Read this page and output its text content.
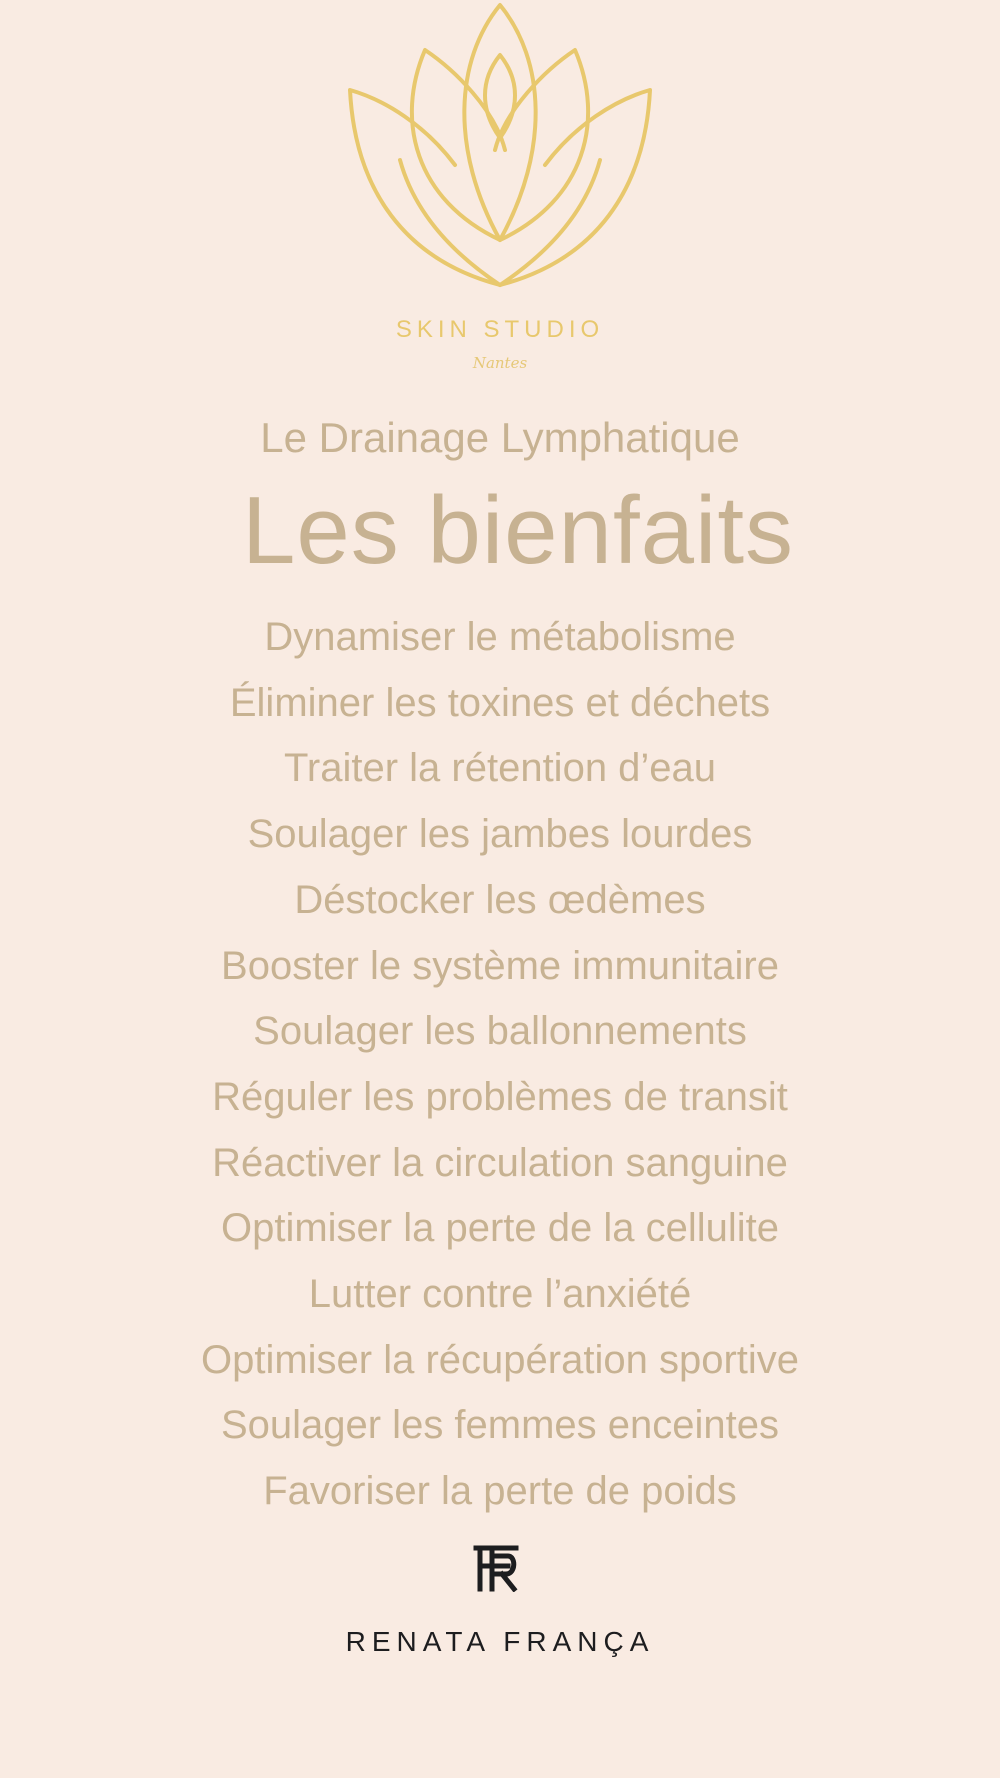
SKIN STUDIO

Nantes
Le Drainage Lymphatique
Les bienfaits
Dynamiser le métabolisme
Éliminer les toxines et déchets
Traiter la rétention d’eau
Soulager les jambes lourdes
Déstocker les œdèmes
Booster le système immunitaire
Soulager les ballonnements
Réguler les problèmes de transit
Réactiver la circulation sanguine
Optimiser la perte de la cellulite
Lutter contre l’anxiété
Optimiser la récupération sportive
Soulager les femmes enceintes
Favoriser la perte de poids

RENATA FRANÇA
